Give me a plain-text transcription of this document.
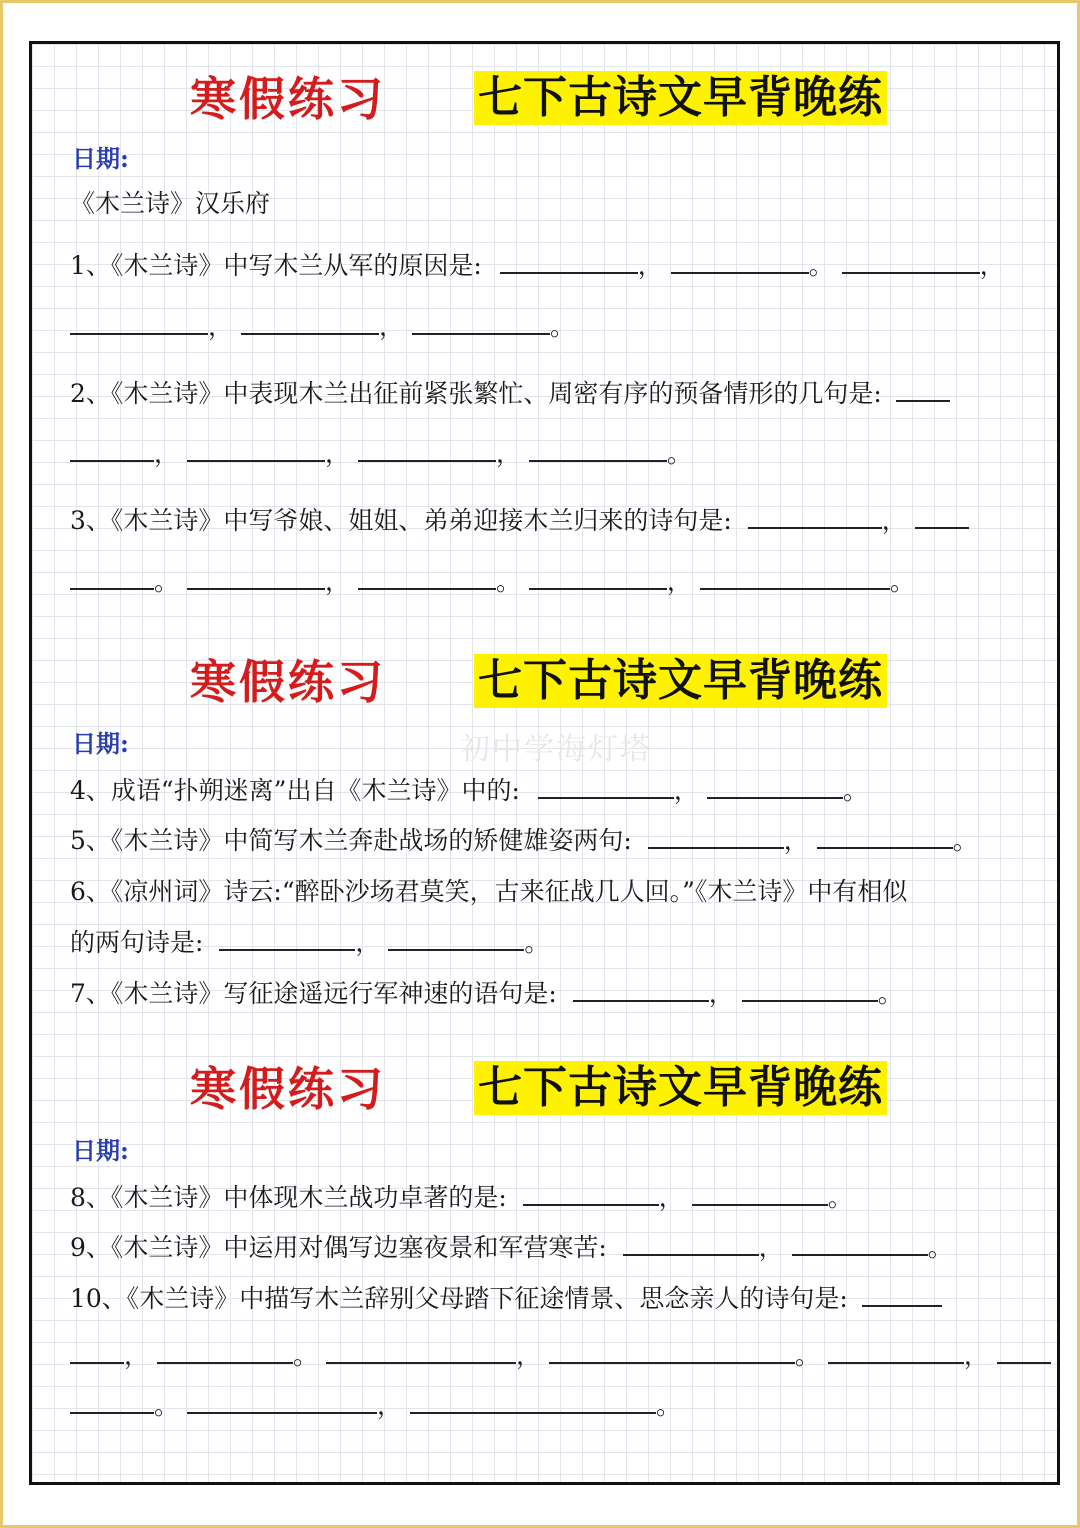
寒假练习 七下古诗文早背晚练
日期:
《木兰诗》汉乐府
1、《木兰诗》中写木兰从军的原因是:	，	。	，
，	，	。
2、《木兰诗》中表现木兰出征前紧张繁忙、周密有序的预备情形的几句是:
，	，	，	。
3、《木兰诗》中写爷娘、姐姐、弟弟迎接木兰归来的诗句是:	，
。	，	。	，	。
寒假练习 七下古诗文早背晚练
日期:	初中学海灯塔
4、成语“扑朔迷离”出自《木兰诗》中的:	，	。
5、《木兰诗》中简写木兰奔赴战场的矫健雄姿两句:	，	。
6、《凉州词》诗云:“醉卧沙场君莫笑，古来征战几人回。”《木兰诗》中有相似
的两句诗是:	，	。
7、《木兰诗》写征途遥远行军神速的语句是:	，	。
寒假练习 七下古诗文早背晚练
日期:
8、《木兰诗》中体现木兰战功卓著的是:	，	。
9、《木兰诗》中运用对偶写边塞夜景和军营寒苦:	，	。
10、《木兰诗》中描写木兰辞别父母踏下征途情景、思念亲人的诗句是:
，	。	，	。	，
。	，	。
